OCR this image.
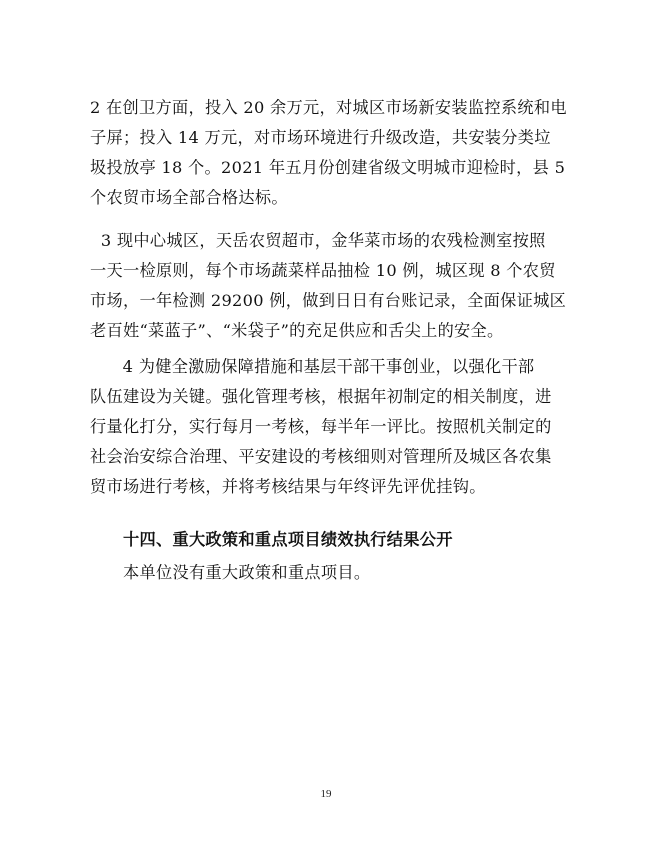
2 在创卫方面，投入 20 余万元，对城区市场新安装监控系统和电
子屏；投入 14 万元，对市场环境进行升级改造，共安装分类垃
圾投放亭 18 个。2021 年五月份创建省级文明城市迎检时，县 5
个农贸市场全部合格达标。
3 现中心城区，天岳农贸超市，金华菜市场的农残检测室按照
一天一检原则，每个市场蔬菜样品抽检 10 例，城区现 8 个农贸
市场，一年检测 29200 例，做到日日有台账记录，全面保证城区
老百姓“菜蓝子”、“米袋子”的充足供应和舌尖上的安全。
4 为健全激励保障措施和基层干部干事创业，以强化干部
队伍建设为关键。强化管理考核，根据年初制定的相关制度，进
行量化打分，实行每月一考核，每半年一评比。按照机关制定的
社会治安综合治理、平安建设的考核细则对管理所及城区各农集
贸市场进行考核，并将考核结果与年终评先评优挂钩。
十四、重大政策和重点项目绩效执行结果公开
本单位没有重大政策和重点项目。
19
